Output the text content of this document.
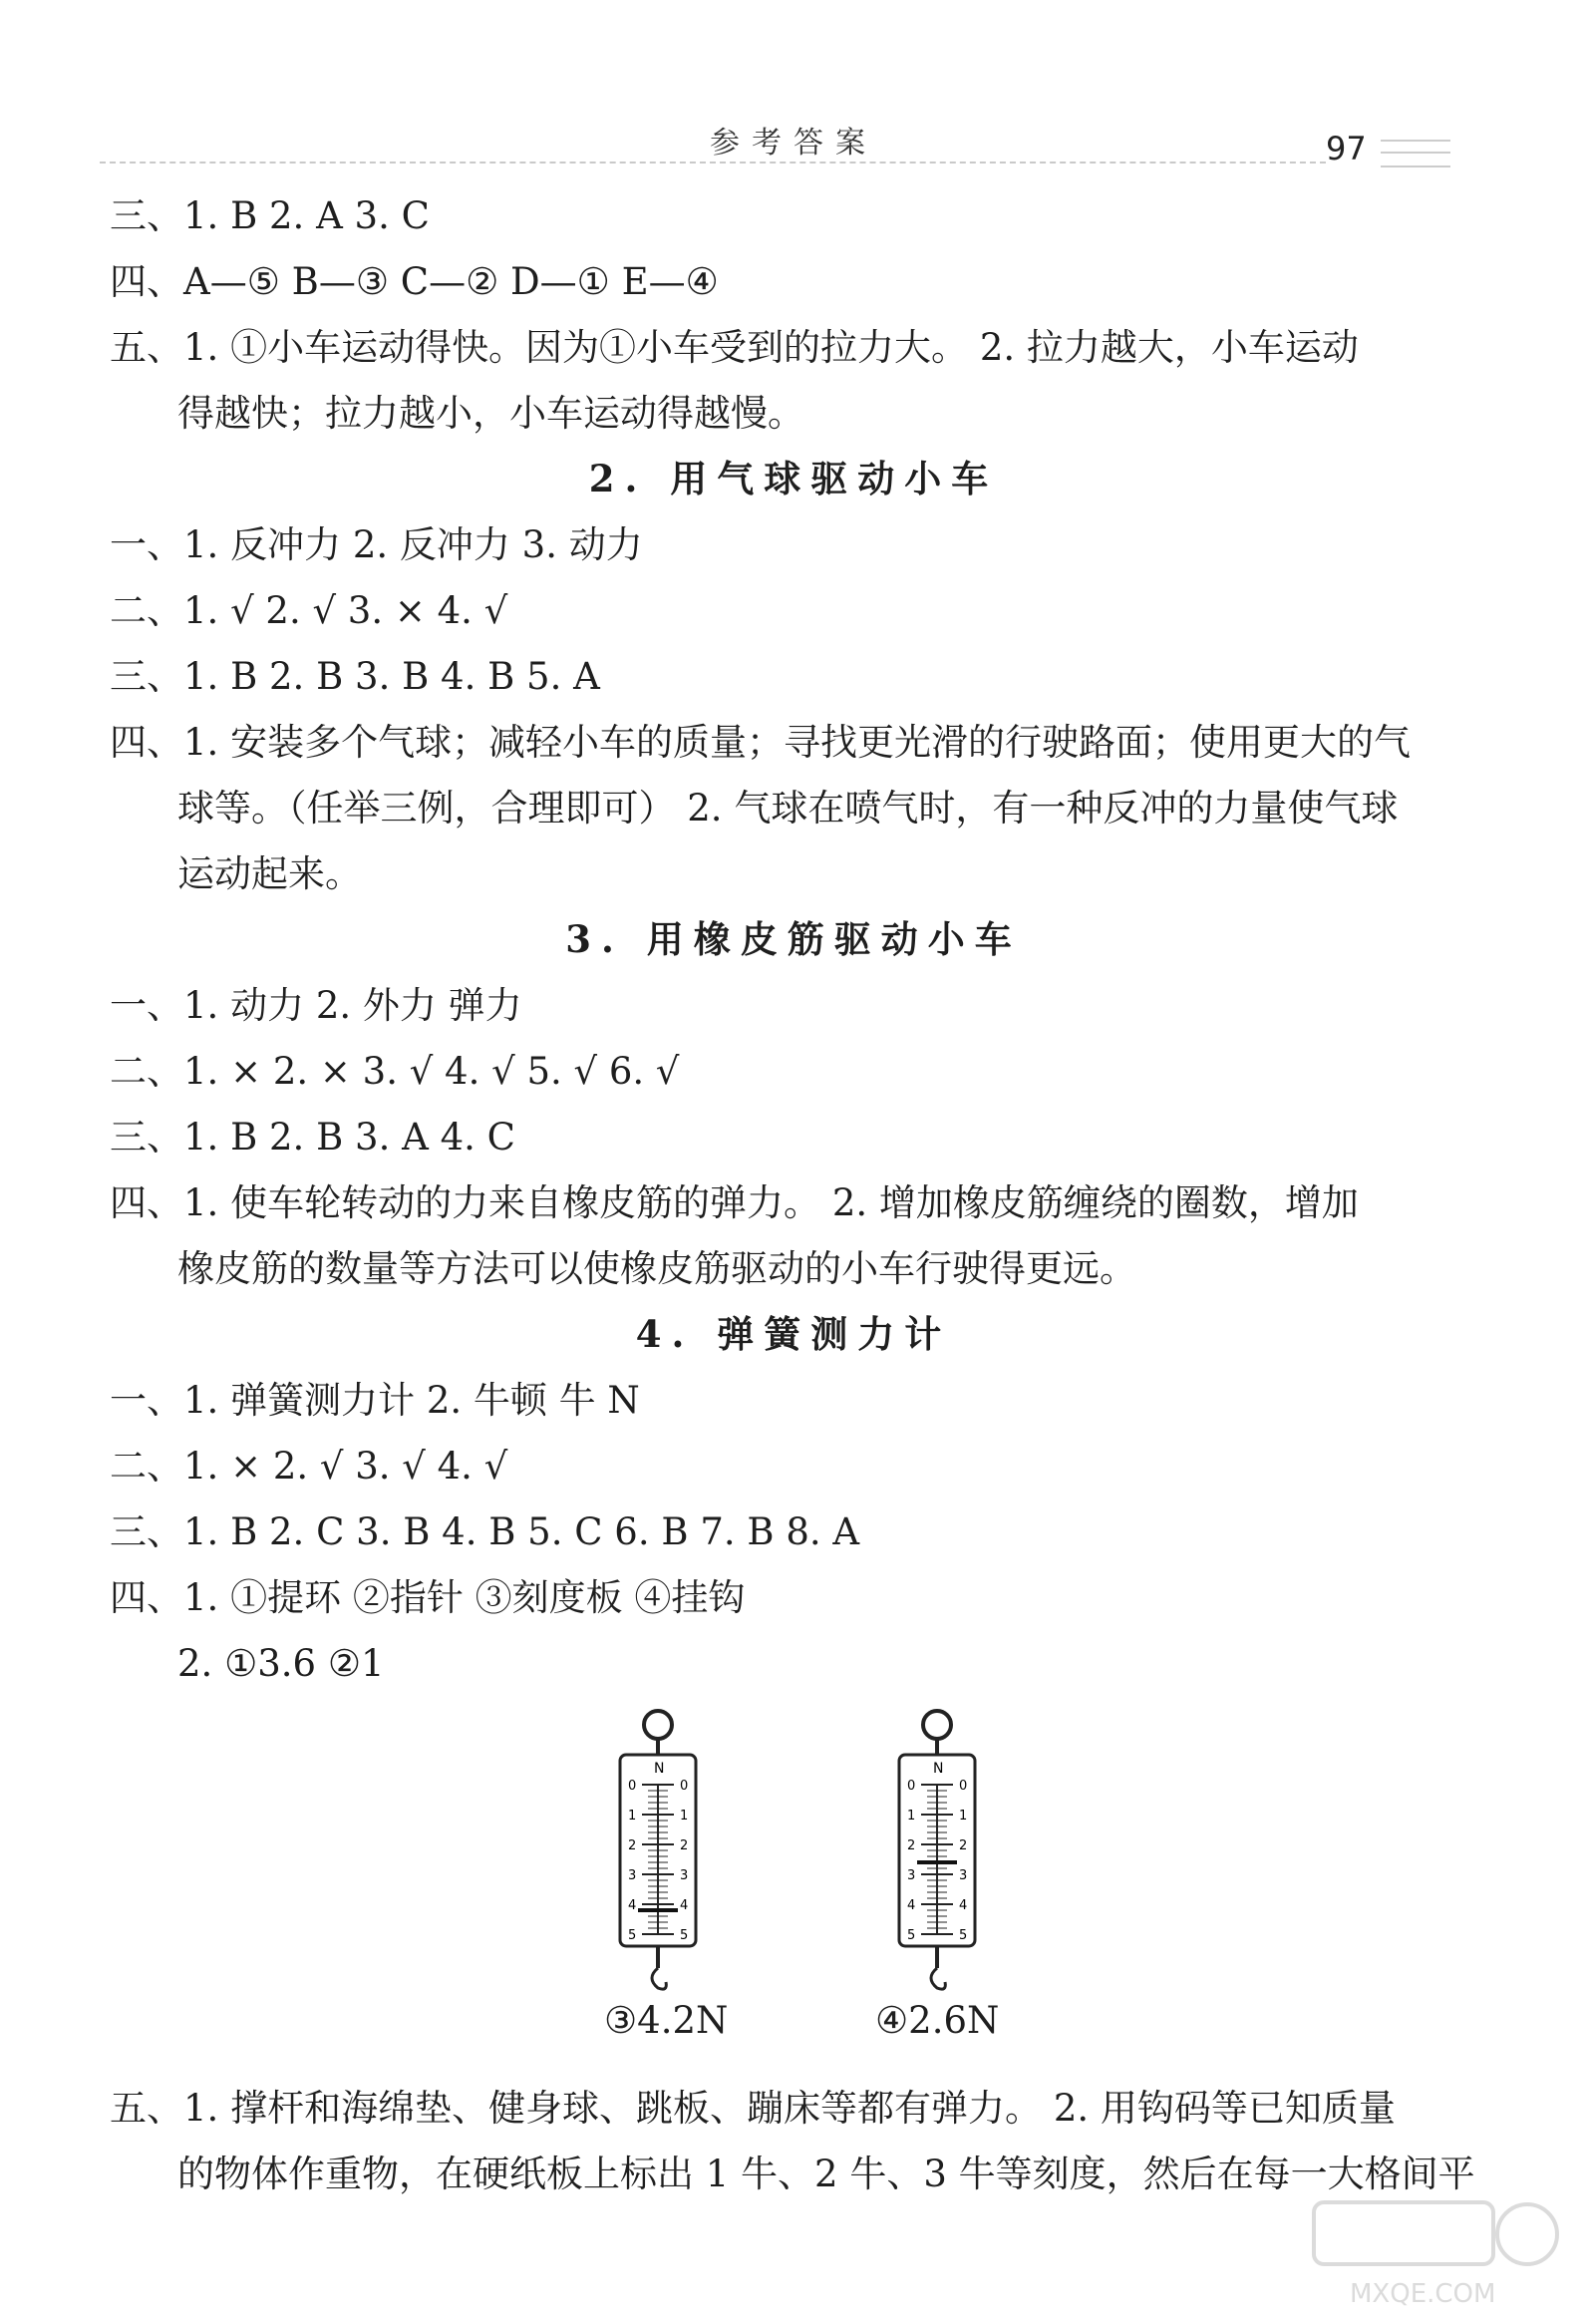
参考答案	97
三、1. B 2. A 3. C
四、A—⑤ B—③ C—② D—① E—④
五、1. ①小车运动得快。因为①小车受到的拉力大。 2. 拉力越大，小车运动
得越快；拉力越小，小车运动得越慢。
2. 用气球驱动小车
一、1. 反冲力 2. 反冲力 3. 动力
二、1. √ 2. √ 3. × 4. √
三、1. B 2. B 3. B 4. B 5. A
四、1. 安装多个气球；减轻小车的质量；寻找更光滑的行驶路面；使用更大的气
球等。（任举三例，合理即可） 2. 气球在喷气时，有一种反冲的力量使气球
运动起来。
3. 用橡皮筋驱动小车
一、1. 动力 2. 外力 弹力
二、1. × 2. × 3. √ 4. √ 5. √ 6. √
三、1. B 2. B 3. A 4. C
四、1. 使车轮转动的力来自橡皮筋的弹力。 2. 增加橡皮筋缠绕的圈数，增加
橡皮筋的数量等方法可以使橡皮筋驱动的小车行驶得更远。
4. 弹簧测力计
一、1. 弹簧测力计 2. 牛顿 牛 N
二、1. × 2. √ 3. √ 4. √
三、1. B 2. C 3. B 4. B 5. C 6. B 7. B 8. A
四、1. ①提环 ②指针 ③刻度板 ④挂钩
2. ①3.6 ②1
N
0	0
1	1
2	2
3	3
4	4
5	5
③4.2N
N
0	0
1	1
2	2
3	3
4	4
5	5
④2.6N
五、1. 撑杆和海绵垫、健身球、跳板、蹦床等都有弹力。 2. 用钩码等已知质量
的物体作重物，在硬纸板上标出 1 牛、2 牛、3 牛等刻度，然后在每一大格间平
MXQE.COM
